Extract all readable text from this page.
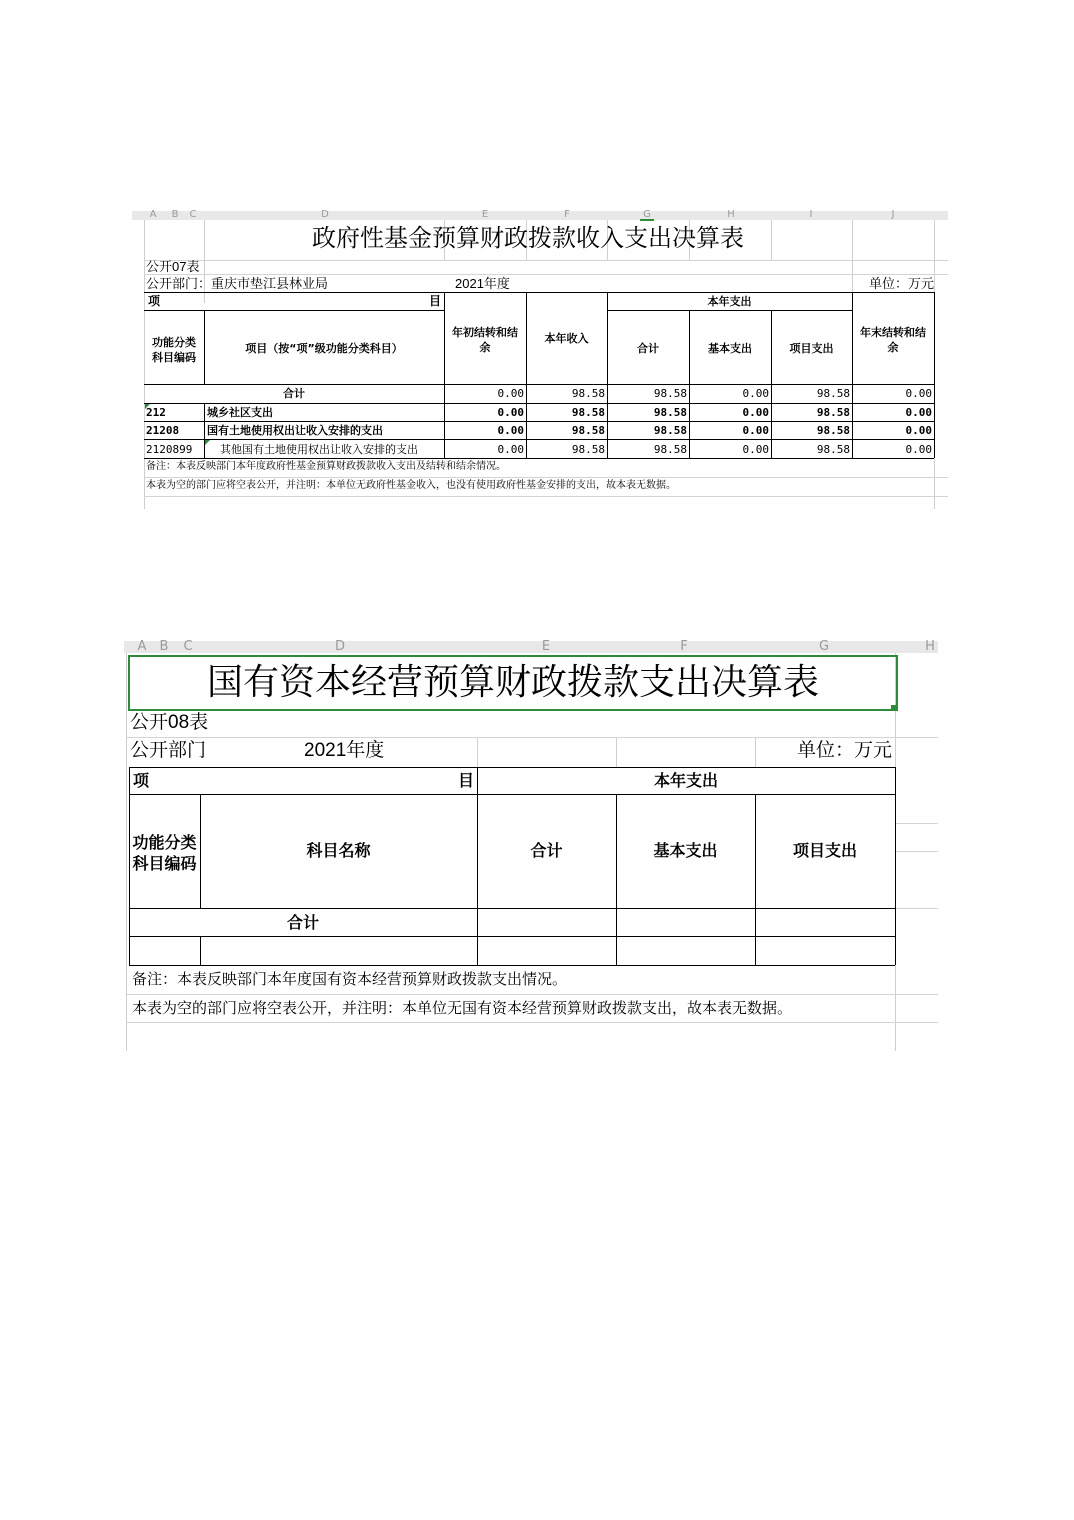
A	B	C	D	E	F	G	H	I	J
政府性基金预算财政拨款收入支出决算表
公开07表
公开部门：重庆市垫江县林业局	2021年度	单位：万元
项	目
功能分类
科目编码
项目（按“项”级功能分类科目）
年初结转和结
余
本年收入
本年支出
合计	基本支出	项目支出
年末结转和结
余
合计	0.00	98.58	98.58	0.00	98.58	0.00
212	城乡社区支出	0.00	98.58	98.58	0.00	98.58	0.00
21208	国有土地使用权出让收入安排的支出	0.00	98.58	98.58	0.00	98.58	0.00
2120899	其他国有土地使用权出让收入安排的支出	0.00	98.58	98.58	0.00	98.58	0.00
备注：本表反映部门本年度政府性基金预算财政拨款收入支出及结转和结余情况。
本表为空的部门应将空表公开，并注明：本单位无政府性基金收入，也没有使用政府性基金安排的支出，故本表无数据。
A B C	D	E	F	G	H
国有资本经营预算财政拨款支出决算表
公开08表
公开部门	2021年度	单位：万元
项	目	本年支出
功能分类
科目编码
科目名称	合计	基本支出	项目支出
合计
备注：本表反映部门本年度国有资本经营预算财政拨款支出情况。
本表为空的部门应将空表公开，并注明：本单位无国有资本经营预算财政拨款支出，故本表无数据。
